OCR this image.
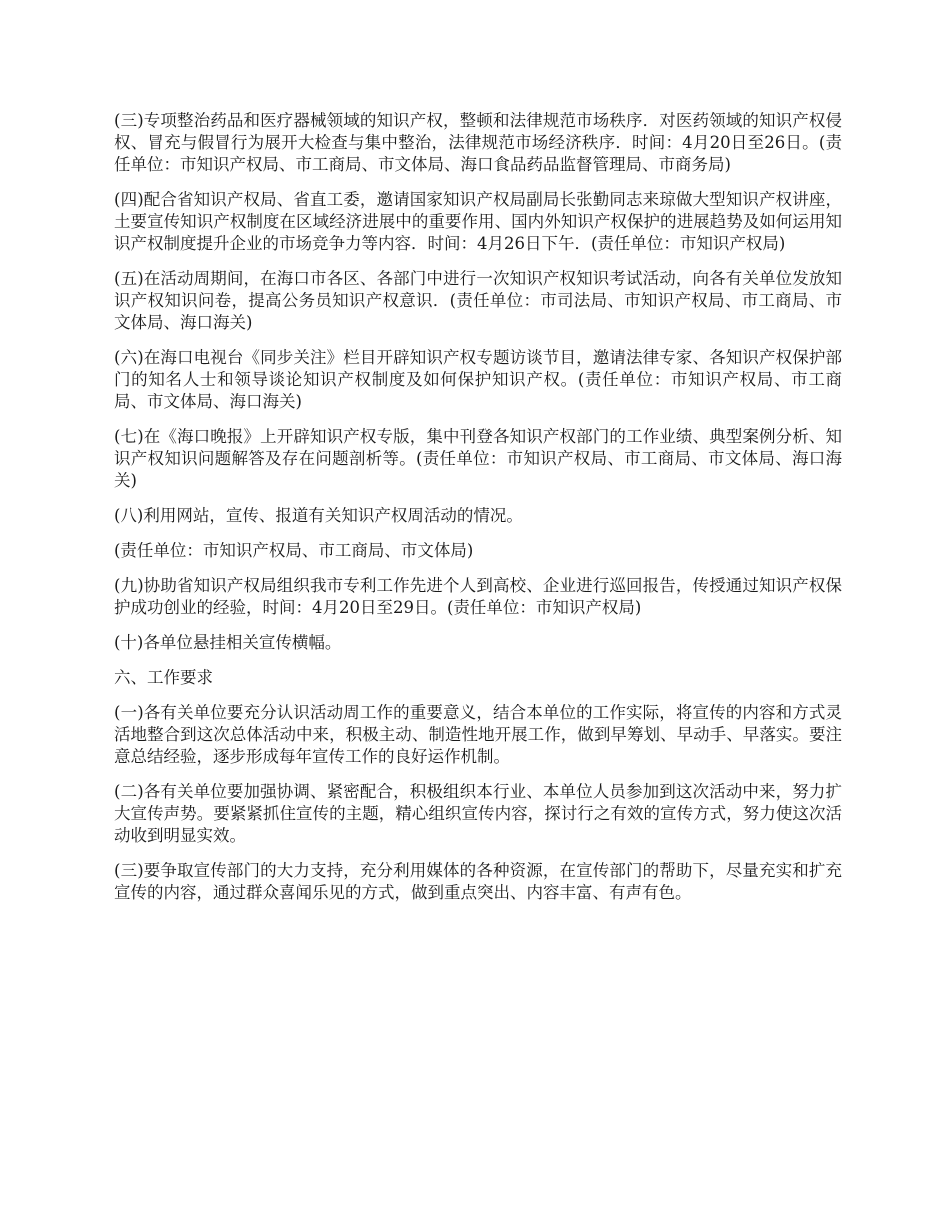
(三)专项整治药品和医疗器械领域的知识产权，整顿和法律规范市场秩序．对医药领域的知识产权侵权、冒充与假冒行为展开大检查与集中整治，法律规范市场经济秩序．时间：4月20日至26日。(责任单位：市知识产权局、市工商局、市文体局、海口食品药品监督管理局、市商务局)

(四)配合省知识产权局、省直工委，邀请国家知识产权局副局长张勤同志来琼做大型知识产权讲座，土要宣传知识产权制度在区域经济进展中的重要作用、国内外知识产权保护的进展趋势及如何运用知识产权制度提升企业的市场竞争力等内容．时间：4月26日下午．(责任单位：市知识产权局)

(五)在活动周期间，在海口市各区、各部门中进行一次知识产权知识考试活动，向各有关单位发放知识产权知识问卷，提高公务员知识产权意识．(责任单位：市司法局、市知识产权局、市工商局、市文体局、海口海关)

(六)在海口电视台《同步关注》栏目开辟知识产权专题访谈节目，邀请法律专家、各知识产权保护部门的知名人士和领导谈论知识产权制度及如何保护知识产权。(责任单位：市知识产权局、市工商局、市文体局、海口海关)

(七)在《海口晚报》上开辟知识产权专版，集中刊登各知识产权部门的工作业绩、典型案例分析、知识产权知识问题解答及存在问题剖析等。(责任单位：市知识产权局、市工商局、市文体局、海口海关)

(八)利用网站，宣传、报道有关知识产权周活动的情况。

(责任单位：市知识产权局、市工商局、市文体局)

(九)协助省知识产权局组织我市专利工作先进个人到高校、企业进行巡回报告，传授通过知识产权保护成功创业的经验，时间：4月20日至29日。(责任单位：市知识产权局)

(十)各单位悬挂相关宣传横幅。

六、工作要求

(一)各有关单位要充分认识活动周工作的重要意义，结合本单位的工作实际，将宣传的内容和方式灵活地整合到这次总体活动中来，积极主动、制造性地开展工作，做到早筹划、早动手、早落实。要注意总结经验，逐步形成每年宣传工作的良好运作机制。

(二)各有关单位要加强协调、紧密配合，积极组织本行业、本单位人员参加到这次活动中来，努力扩大宣传声势。要紧紧抓住宣传的主题，精心组织宣传内容，探讨行之有效的宣传方式，努力使这次活动收到明显实效。

(三)要争取宣传部门的大力支持，充分利用媒体的各种资源，在宣传部门的帮助下，尽量充实和扩充宣传的内容，通过群众喜闻乐见的方式，做到重点突出、内容丰富、有声有色。
